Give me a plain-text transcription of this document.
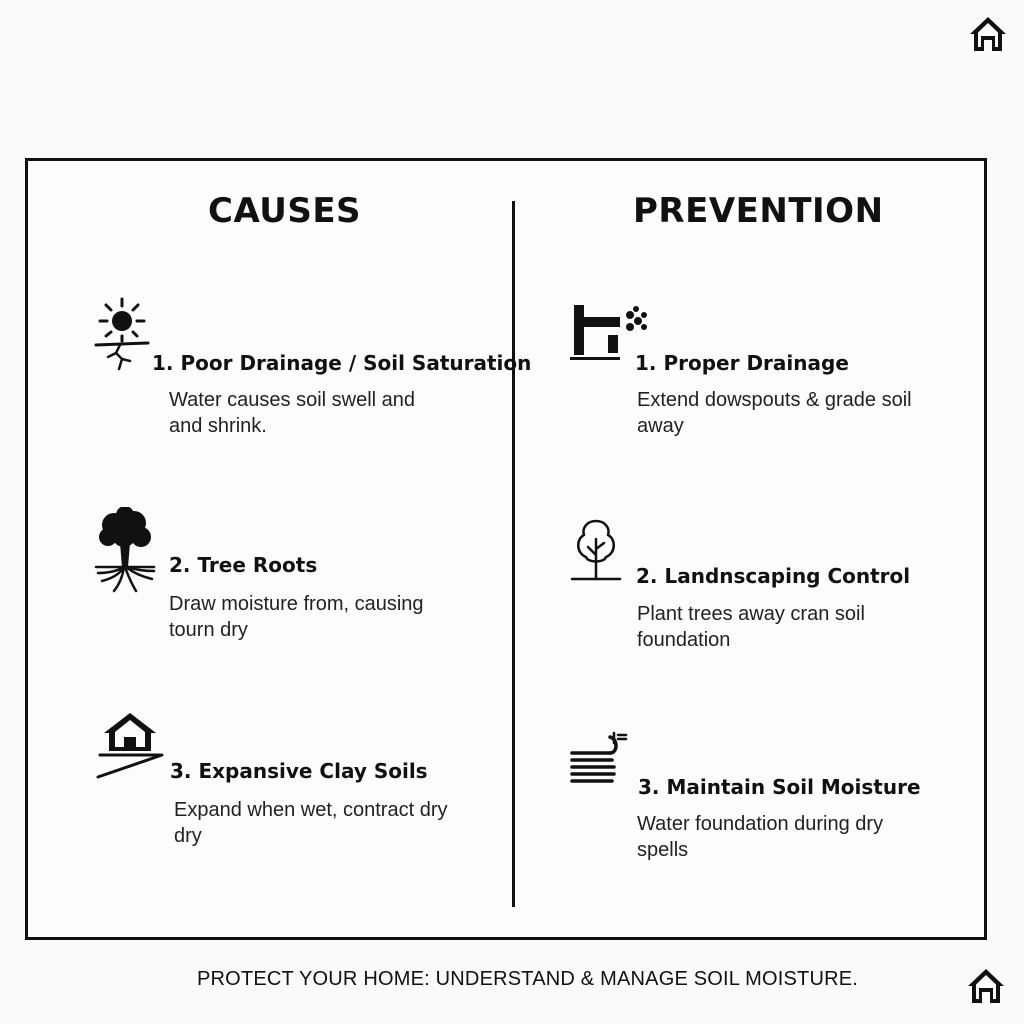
CAUSES	PREVENTION
1. Poor Drainage / Soil Saturation

Water causes soil swell and and shrink.

2. Tree Roots

Draw moisture from, causing tourn dry

3. Expansive Clay Soils

Expand when wet, contract dry dry

1. Proper Drainage

Extend dowspouts & grade soil away

2. Landnscaping Control

Plant trees away cran soil foundation

3. Maintain Soil Moisture

Water foundation during dry spells

PROTECT YOUR HOME: UNDERSTAND & MANAGE SOIL MOISTURE.
